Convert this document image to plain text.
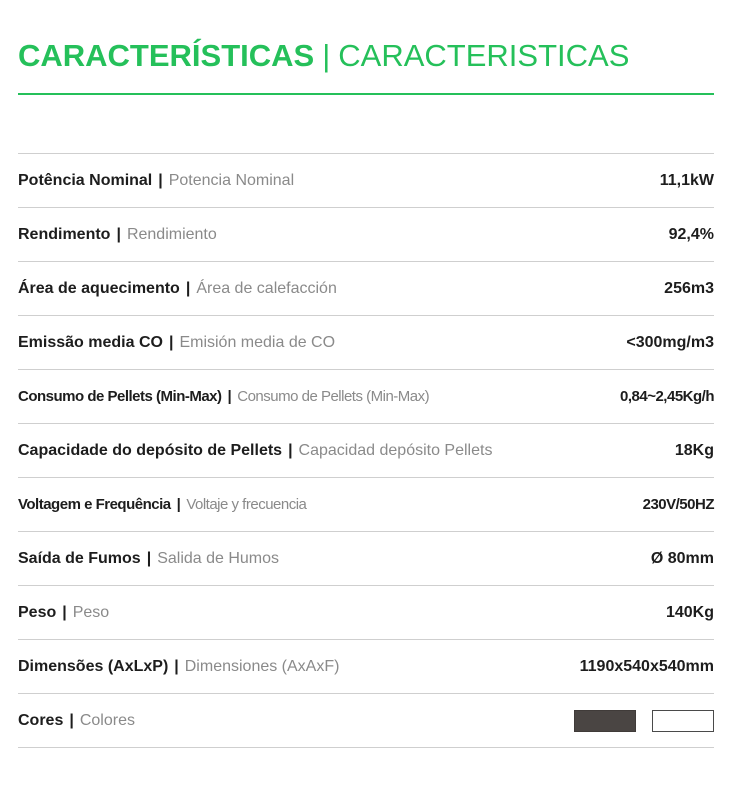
CARACTERÍSTICAS | CARACTERISTICAS
Potência Nominal | Potencia Nominal	11,1kW
Rendimento | Rendimiento	92,4%
Área de aquecimento | Área de calefacción	256m3
Emissão media CO | Emisión media de CO	<300mg/m3
Consumo de Pellets (Min-Max) | Consumo de Pellets (Min-Max)	0,84~2,45Kg/h
Capacidade do depósito de Pellets | Capacidad depósito Pellets	18Kg
Voltagem e Frequência | Voltaje y frecuencia	230V/50HZ
Saída de Fumos | Salida de Humos	Ø 80mm
Peso | Peso	140Kg
Dimensões (AxLxP) | Dimensiones (AxAxF)	1190x540x540mm
Cores | Colores
